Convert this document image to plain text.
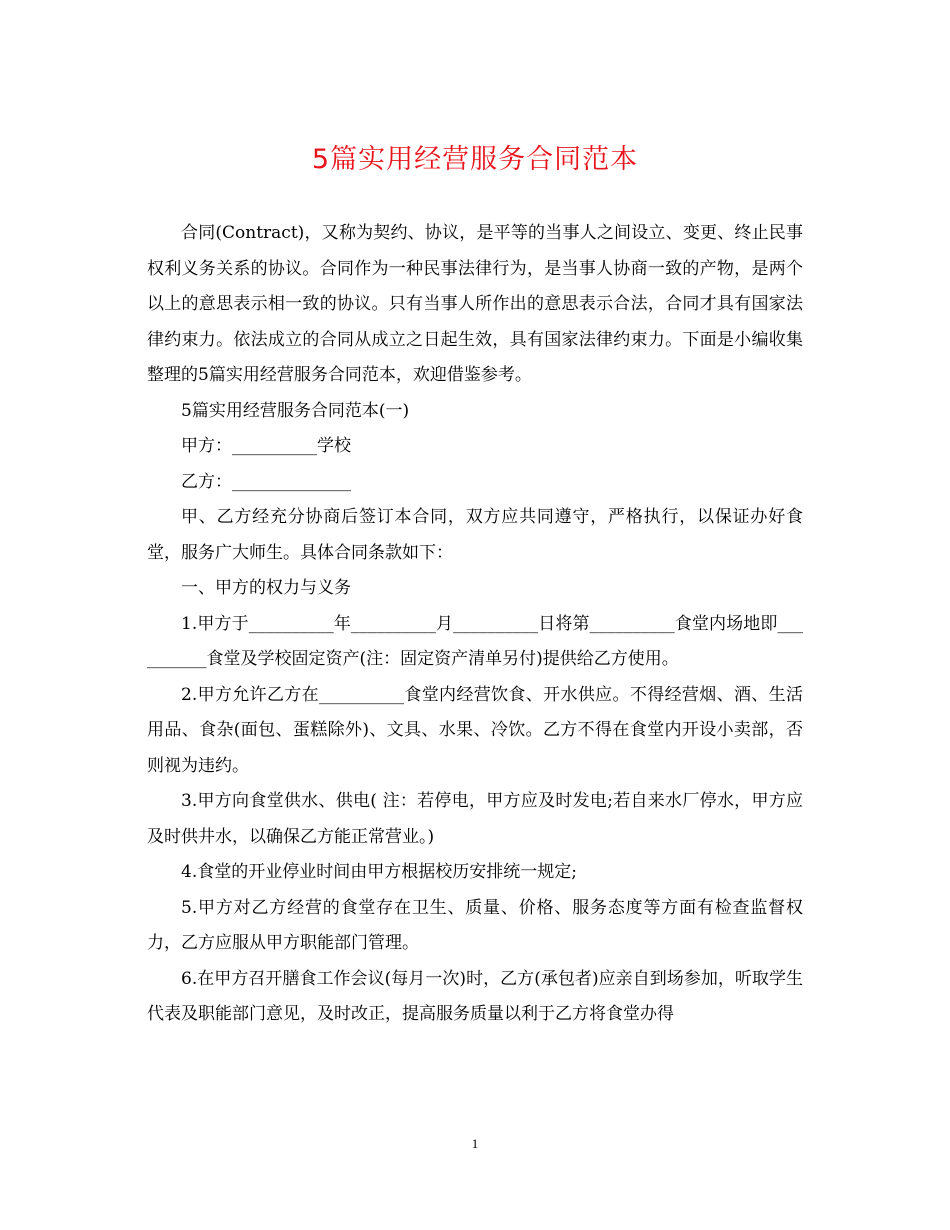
5篇实用经营服务合同范本

合同(Contract)，又称为契约、协议，是平等的当事人之间设立、变更、终止民事权利义务关系的协议。合同作为一种民事法律行为，是当事人协商一致的产物，是两个以上的意思表示相一致的协议。只有当事人所作出的意思表示合法，合同才具有国家法律约束力。依法成立的合同从成立之日起生效，具有国家法律约束力。下面是小编收集整理的5篇实用经营服务合同范本，欢迎借鉴参考。

5篇实用经营服务合同范本(一)

甲方：__________学校

乙方：______________

甲、乙方经充分协商后签订本合同，双方应共同遵守，严格执行，以保证办好食堂，服务广大师生。具体合同条款如下：

一、甲方的权力与义务

1.甲方于__________年__________月__________日将第__________食堂内场地即__________食堂及学校固定资产(注：固定资产清单另付)提供给乙方使用。

2.甲方允许乙方在__________食堂内经营饮食、开水供应。不得经营烟、酒、生活用品、食杂(面包、蛋糕除外)、文具、水果、冷饮。乙方不得在食堂内开设小卖部，否则视为违约。

3.甲方向食堂供水、供电( 注：若停电，甲方应及时发电;若自来水厂停水，甲方应及时供井水，以确保乙方能正常营业。)

4.食堂的开业停业时间由甲方根据校历安排统一规定;

5.甲方对乙方经营的食堂存在卫生、质量、价格、服务态度等方面有检查监督权力，乙方应服从甲方职能部门管理。

6.在甲方召开膳食工作会议(每月一次)时，乙方(承包者)应亲自到场参加，听取学生代表及职能部门意见，及时改正，提高服务质量以利于乙方将食堂办得

1
